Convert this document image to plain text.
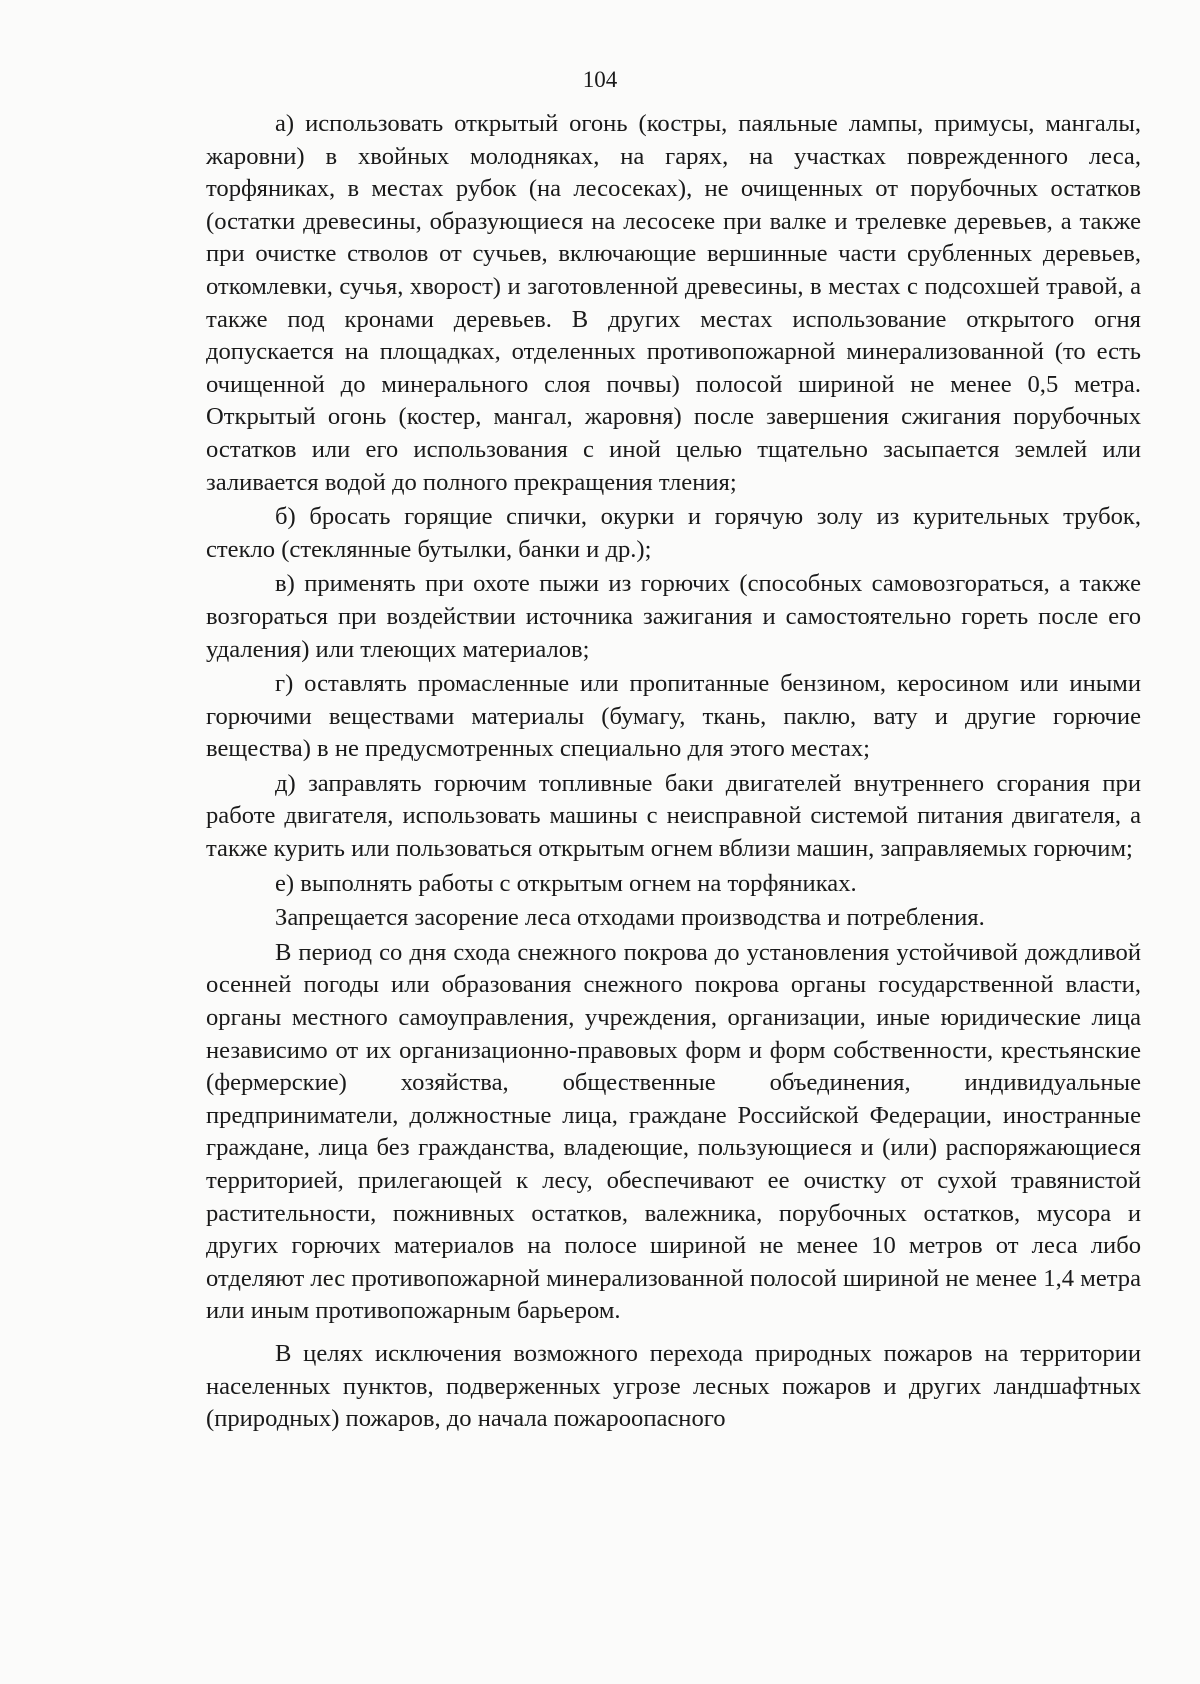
104

а) использовать открытый огонь (костры, паяльные лампы, примусы, мангалы, жаровни) в хвойных молоднякаx, на гарях, на участках поврежденного леса, торфяниках, в местах рубок (на лесосеках), не очищенных от порубочных остатков (остатки древесины, образующиеся на лесосеке при валке и трелевке деревьев, а также при очистке стволов от сучьев, включающие вершинные части срубленных деревьев, откомлевки, сучья, хворост) и заготовленной древесины, в местах с подсохшей травой, а также под кронами деревьев. В других местах использование открытого огня допускается на площадках, отделенных противопожарной минерализованной (то есть очищенной до минерального слоя почвы) полосой шириной не менее 0,5 метра. Открытый огонь (костер, мангал, жаровня) после завершения сжигания порубочных остатков или его использования с иной целью тщательно засыпается землей или заливается водой до полного прекращения тления;

б) бросать горящие спички, окурки и горячую золу из курительных трубок, стекло (стеклянные бутылки, банки и др.);

в) применять при охоте пыжи из горючих (способных самовозгораться, а также возгораться при воздействии источника зажигания и самостоятельно гореть после его удаления) или тлеющих материалов;

г) оставлять промасленные или пропитанные бензином, керосином или иными горючими веществами материалы (бумагу, ткань, паклю, вату и другие горючие вещества) в не предусмотренных специально для этого местах;

д) заправлять горючим топливные баки двигателей внутреннего сгорания при работе двигателя, использовать машины с неисправной системой питания двигателя, а также курить или пользоваться открытым огнем вблизи машин, заправляемых горючим;

е) выполнять работы с открытым огнем на торфяниках.

Запрещается засорение леса отходами производства и потребления.

В период со дня схода снежного покрова до установления устойчивой дождливой осенней погоды или образования снежного покрова органы государственной власти, органы местного самоуправления, учреждения, организации, иные юридические лица независимо от их организационно-правовых форм и форм собственности, крестьянские (фермерские) хозяйства, общественные объединения, индивидуальные предприниматели, должностные лица, граждане Российской Федерации, иностранные граждане, лица без гражданства, владеющие, пользующиеся и (или) распоряжающиеся территорией, прилегающей к лесу, обеспечивают ее очистку от сухой травянистой растительности, пожнивных остатков, валежника, порубочных остатков, мусора и других горючих материалов на полосе шириной не менее 10 метров от леса либо отделяют лес противопожарной минерализованной полосой шириной не менее 1,4 метра или иным противопожарным барьером.

В целях исключения возможного перехода природных пожаров на территории населенных пунктов, подверженных угрозе лесных пожаров и других ландшафтных (природных) пожаров, до начала пожароопасного
